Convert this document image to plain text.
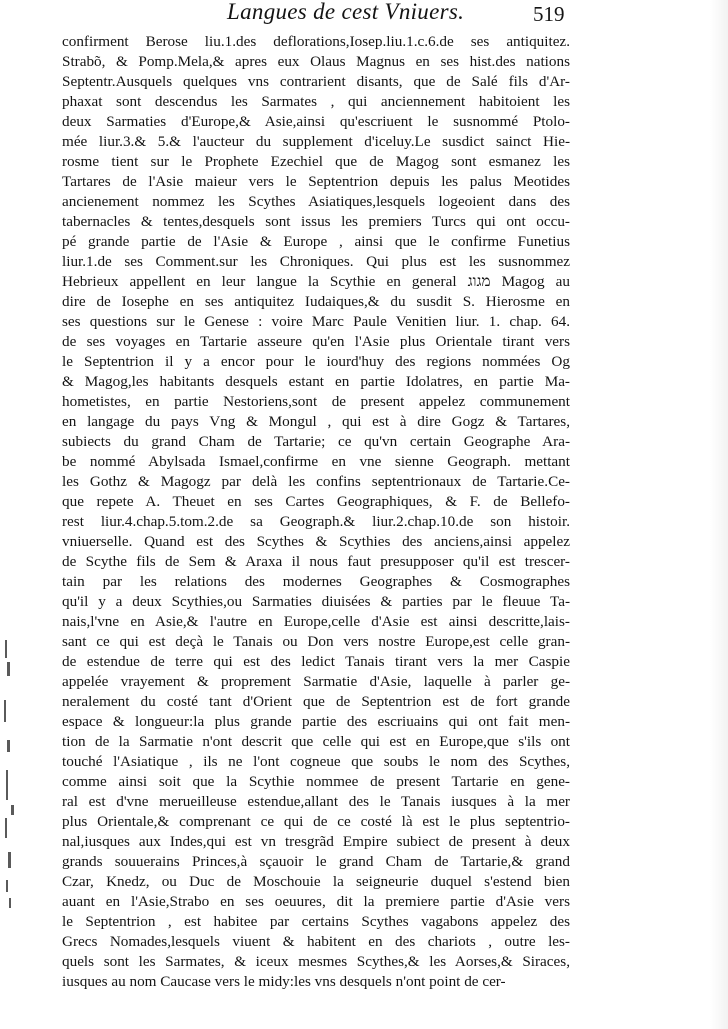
Langues de cest Vniuers.	519
confirment Berose liu.1.des deflorations,Iosep.liu.1.c.6.de ses antiquitez.
Strabõ, & Pomp.Mela,& apres eux Olaus Magnus en ses hist.des nations
Septentr.Ausquels quelques vns contrarient disants, que de Salé fils d'Ar-
phaxat sont descendus les Sarmates , qui anciennement habitoient les
deux Sarmaties d'Europe,& Asie,ainsi qu'escriuent le susnommé Ptolo-
mée liur.3.& 5.& l'aucteur du supplement d'iceluy.Le susdict sainct Hie-
rosme tient sur le Prophete Ezechiel que de Magog sont esmanez les
Tartares de l'Asie maieur vers le Septentrion depuis les palus Meotides
ancienement nommez les Scythes Asiatiques,lesquels logeoient dans des
tabernacles & tentes,desquels sont issus les premiers Turcs qui ont occu-
pé grande partie de l'Asie & Europe , ainsi que le confirme Funetius
liur.1.de ses Comment.sur les Chroniques. Qui plus est les susnommez
Hebrieux appellent en leur langue la Scythie en general מגוג Magog au
dire de Iosephe en ses antiquitez Iudaiques,& du susdit S. Hierosme en
ses questions sur le Genese : voire Marc Paule Venitien liur. 1. chap. 64.
de ses voyages en Tartarie asseure qu'en l'Asie plus Orientale tirant vers
le Septentrion il y a encor pour le iourd'huy des regions nommées Og
& Magog,les habitants desquels estant en partie Idolatres, en partie Ma-
hometistes, en partie Nestoriens,sont de present appelez communement
en langage du pays Vng & Mongul , qui est à dire Gogz & Tartares,
subiects du grand Cham de Tartarie; ce qu'vn certain Geographe Ara-
be nommé Abylsada Ismael,confirme en vne sienne Geograph. mettant
les Gothz & Magogz par delà les confins septentrionaux de Tartarie.Ce-
que repete A. Theuet en ses Cartes Geographiques, & F. de Bellefo-
rest liur.4.chap.5.tom.2.de sa Geograph.& liur.2.chap.10.de son histoir.
vniuerselle. Quand est des Scythes & Scythies des anciens,ainsi appelez
de Scythe fils de Sem & Araxa il nous faut presupposer qu'il est trescer-
tain par les relations des modernes Geographes & Cosmographes
qu'il y a deux Scythies,ou Sarmaties diuisées & parties par le fleuue Ta-
nais,l'vne en Asie,& l'autre en Europe,celle d'Asie est ainsi descritte,lais-
sant ce qui est deçà le Tanais ou Don vers nostre Europe,est celle gran-
de estendue de terre qui est des ledict Tanais tirant vers la mer Caspie
appelée vrayement & proprement Sarmatie d'Asie, laquelle à parler ge-
neralement du costé tant d'Orient que de Septentrion est de fort grande
espace & longueur:la plus grande partie des escriuains qui ont fait men-
tion de la Sarmatie n'ont descrit que celle qui est en Europe,que s'ils ont
touché l'Asiatique , ils ne l'ont cogneue que soubs le nom des Scythes,
comme ainsi soit que la Scythie nommee de present Tartarie en gene-
ral est d'vne merueilleuse estendue,allant des le Tanais iusques à la mer
plus Orientale,& comprenant ce qui de ce costé là est le plus septentrio-
nal,iusques aux Indes,qui est vn tresgrãd Empire subiect de present à deux
grands souuerains Princes,à sçauoir le grand Cham de Tartarie,& grand
Czar, Knedz, ou Duc de Moschouie la seigneurie duquel s'estend bien
auant en l'Asie,Strabo en ses oeuures, dit la premiere partie d'Asie vers
le Septentrion , est habitee par certains Scythes vagabons appelez des
Grecs Nomades,lesquels viuent & habitent en des chariots , outre les-
quels sont les Sarmates, & iceux mesmes Scythes,& les Aorses,& Siraces,
iusques au nom Caucase vers le midy:les vns desquels n'ont point de cer-
